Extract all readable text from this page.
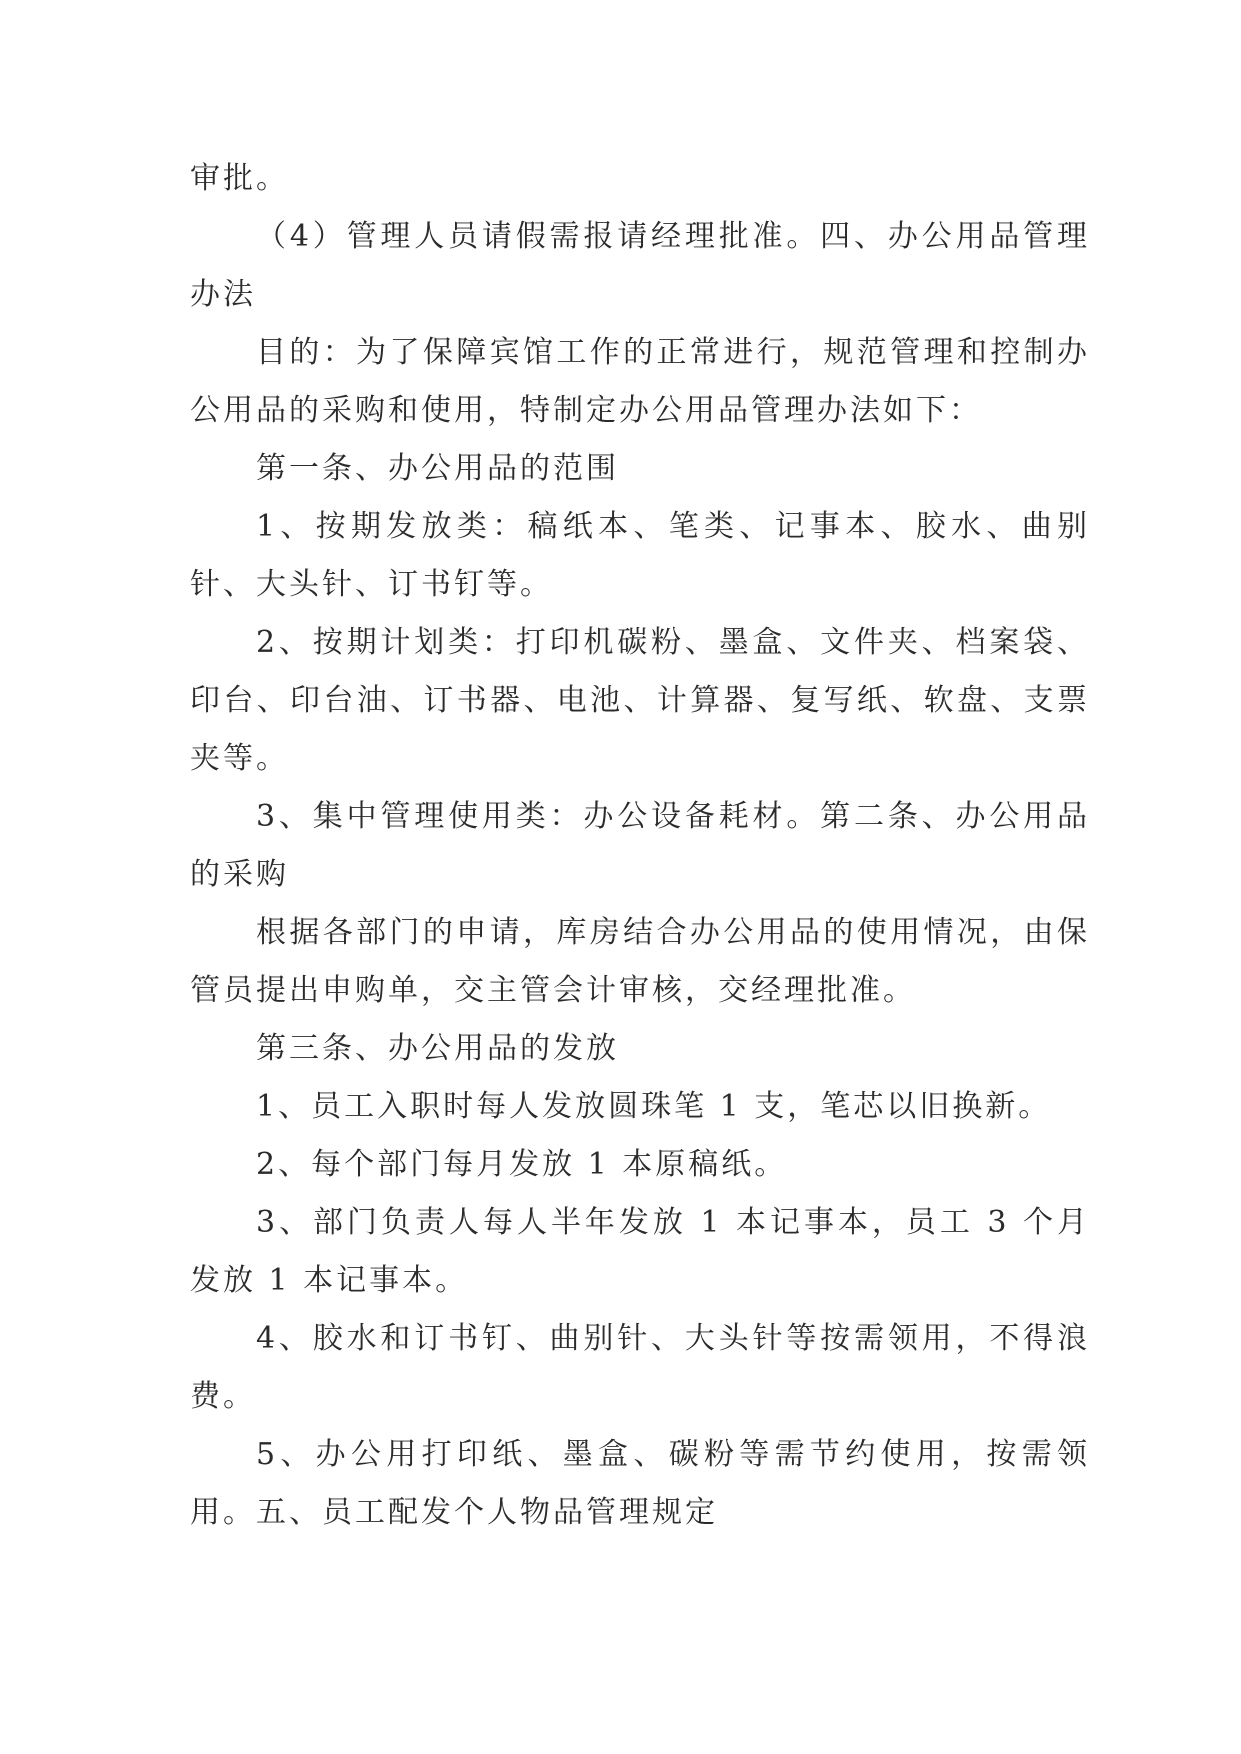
审批。

（4）管理人员请假需报请经理批准。四、办公用品管理办法

目的：为了保障宾馆工作的正常进行，规范管理和控制办公用品的采购和使用，特制定办公用品管理办法如下：

第一条、办公用品的范围

1、按期发放类：稿纸本、笔类、记事本、胶水、曲别针、大头针、订书钉等。

2、按期计划类：打印机碳粉、墨盒、文件夹、档案袋、印台、印台油、订书器、电池、计算器、复写纸、软盘、支票夹等。

3、集中管理使用类：办公设备耗材。第二条、办公用品的采购

根据各部门的申请，库房结合办公用品的使用情况，由保管员提出申购单，交主管会计审核，交经理批准。

第三条、办公用品的发放

1、员工入职时每人发放圆珠笔 1 支，笔芯以旧换新。

2、每个部门每月发放 1 本原稿纸。

3、部门负责人每人半年发放 1 本记事本，员工 3 个月发放 1 本记事本。

4、胶水和订书钉、曲别针、大头针等按需领用，不得浪费。

5、办公用打印纸、墨盒、碳粉等需节约使用，按需领用。五、员工配发个人物品管理规定
